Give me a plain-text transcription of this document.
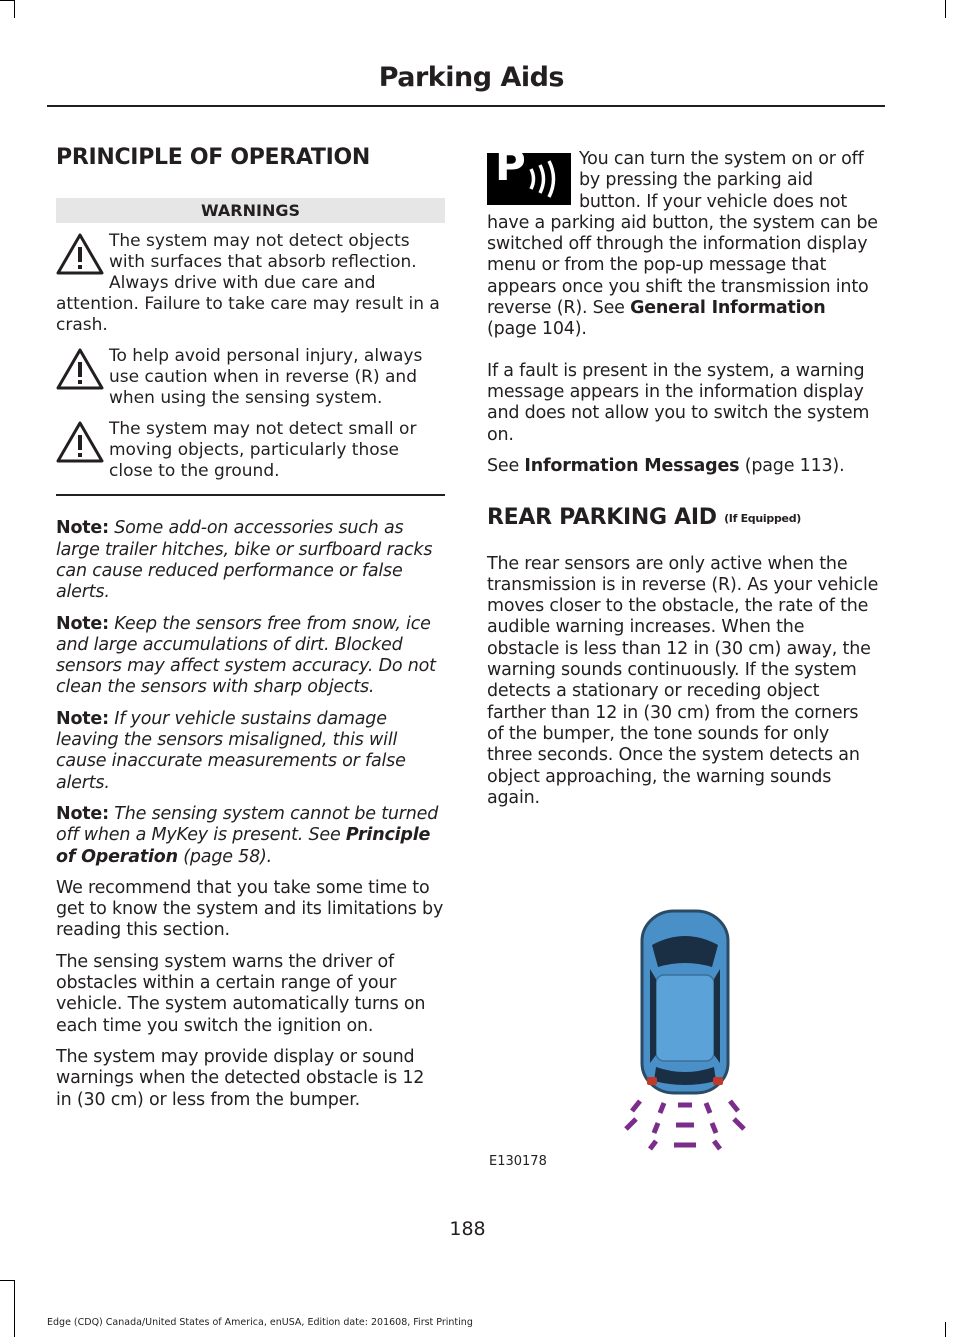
Parking Aids
PRINCIPLE OF OPERATION
WARNINGS
The system may not detect objects with surfaces that absorb reflection. Always drive with due care and attention. Failure to take care may result in a crash.
To help avoid personal injury, always use caution when in reverse (R) and when using the sensing system.
The system may not detect small or moving objects, particularly those close to the ground.

Note: Some add-on accessories such as large trailer hitches, bike or surfboard racks can cause reduced performance or false alerts.

Note: Keep the sensors free from snow, ice and large accumulations of dirt. Blocked sensors may affect system accuracy. Do not clean the sensors with sharp objects.

Note: If your vehicle sustains damage leaving the sensors misaligned, this will cause inaccurate measurements or false alerts.

Note: The sensing system cannot be turned off when a MyKey is present. See Principle of Operation (page 58).

We recommend that you take some time to get to know the system and its limitations by reading this section.

The sensing system warns the driver of obstacles within a certain range of your vehicle. The system automatically turns on each time you switch the ignition on.

The system may provide display or sound warnings when the detected obstacle is 12 in (30 cm) or less from the bumper.

P	You can turn the system on or off by pressing the parking aid button. If your vehicle does not have a parking aid button, the system can be switched off through the information display menu or from the pop-up message that appears once you shift the transmission into reverse (R). See General Information (page 104).

If a fault is present in the system, a warning message appears in the information display and does not allow you to switch the system on.

See Information Messages (page 113).

REAR PARKING AID (If Equipped)

The rear sensors are only active when the transmission is in reverse (R). As your vehicle moves closer to the obstacle, the rate of the audible warning increases. When the obstacle is less than 12 in (30 cm) away, the warning sounds continuously. If the system detects a stationary or receding object farther than 12 in (30 cm) from the corners of the bumper, the tone sounds for only three seconds. Once the system detects an object approaching, the warning sounds again.

E130178
188
Edge (CDQ) Canada/United States of America, enUSA, Edition date: 201608, First Printing
